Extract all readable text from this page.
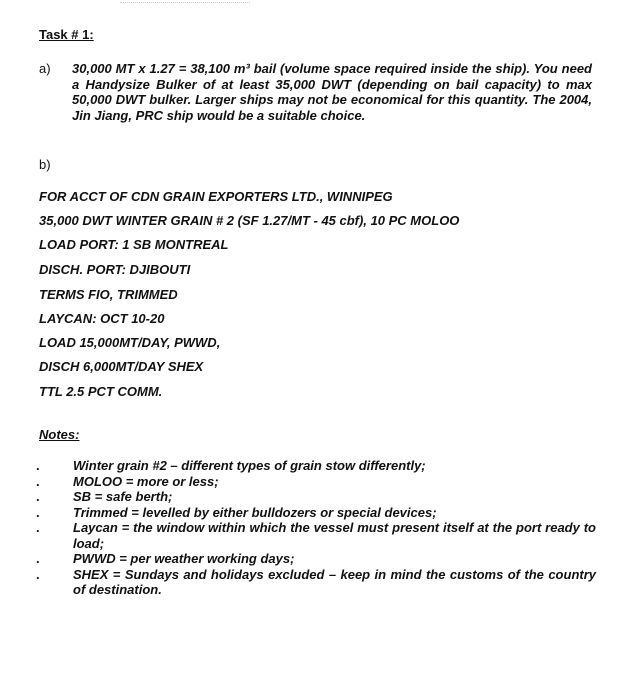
Task # 1:
a) 30,000 MT x 1.27 = 38,100 m³ bail (volume space required inside the ship). You need a Handysize Bulker of at least 35,000 DWT (depending on bail capacity) to max 50,000 DWT bulker. Larger ships may not be economical for this quantity. The 2004, Jin Jiang, PRC ship would be a suitable choice.
b)
FOR ACCT OF CDN GRAIN EXPORTERS LTD., WINNIPEG
35,000 DWT WINTER GRAIN # 2 (SF 1.27/MT - 45 cbf), 10 PC MOLOO
LOAD PORT: 1 SB MONTREAL
DISCH. PORT: DJIBOUTI
TERMS FIO, TRIMMED
LAYCAN: OCT 10-20
LOAD 15,000MT/DAY, PWWD,
DISCH 6,000MT/DAY SHEX
TTL 2.5 PCT COMM.
Notes:
.
Winter grain #2 – different types of grain stow differently;
.
MOLOO = more or less;
.
SB = safe berth;
.
Trimmed = levelled by either bulldozers or special devices;
.
Laycan = the window within which the vessel must present itself at the port ready to load;
.
PWWD = per weather working days;
.
SHEX = Sundays and holidays excluded – keep in mind the customs of the country of destination.
